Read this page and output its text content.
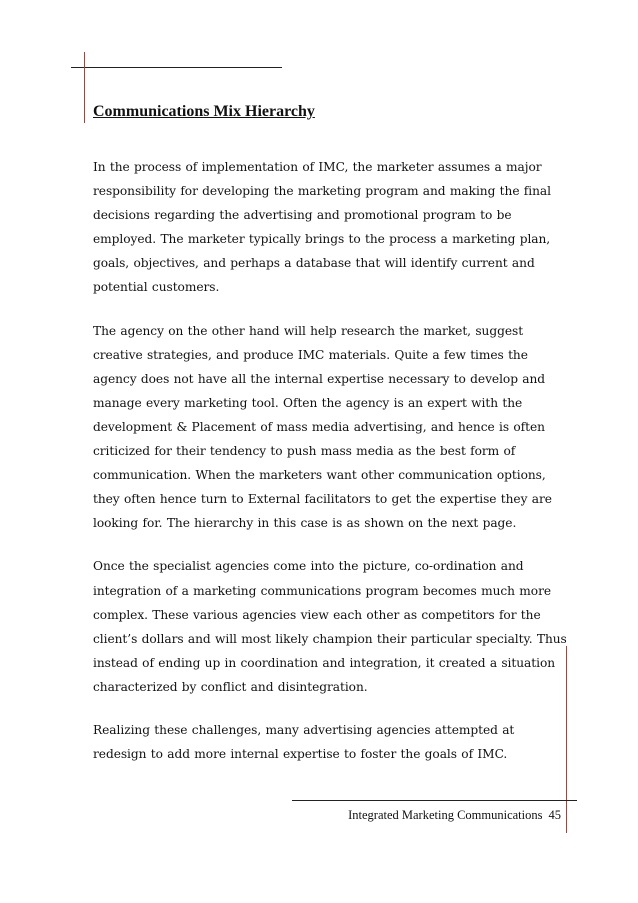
Communications Mix Hierarchy

In the process of implementation of IMC, the marketer assumes a major responsibility for developing the marketing program and making the final decisions regarding the advertising and promotional program to be employed. The marketer typically brings to the process a marketing plan, goals, objectives, and perhaps a database that will identify current and potential customers.

The agency on the other hand will help research the market, suggest creative strategies, and produce IMC materials. Quite a few times the agency does not have all the internal expertise necessary to develop and manage every marketing tool. Often the agency is an expert with the development & Placement of mass media advertising, and hence is often criticized for their tendency to push mass media as the best form of communication. When the marketers want other communication options, they often hence turn to External facilitators to get the expertise they are looking for. The hierarchy in this case is as shown on the next page.

Once the specialist agencies come into the picture, co-ordination and integration of a marketing communications program becomes much more complex. These various agencies view each other as competitors for the client’s dollars and will most likely champion their particular specialty. Thus instead of ending up in coordination and integration, it created a situation characterized by conflict and disintegration.

Realizing these challenges, many advertising agencies attempted at redesign to add more internal expertise to foster the goals of IMC.

Integrated Marketing Communications 45
